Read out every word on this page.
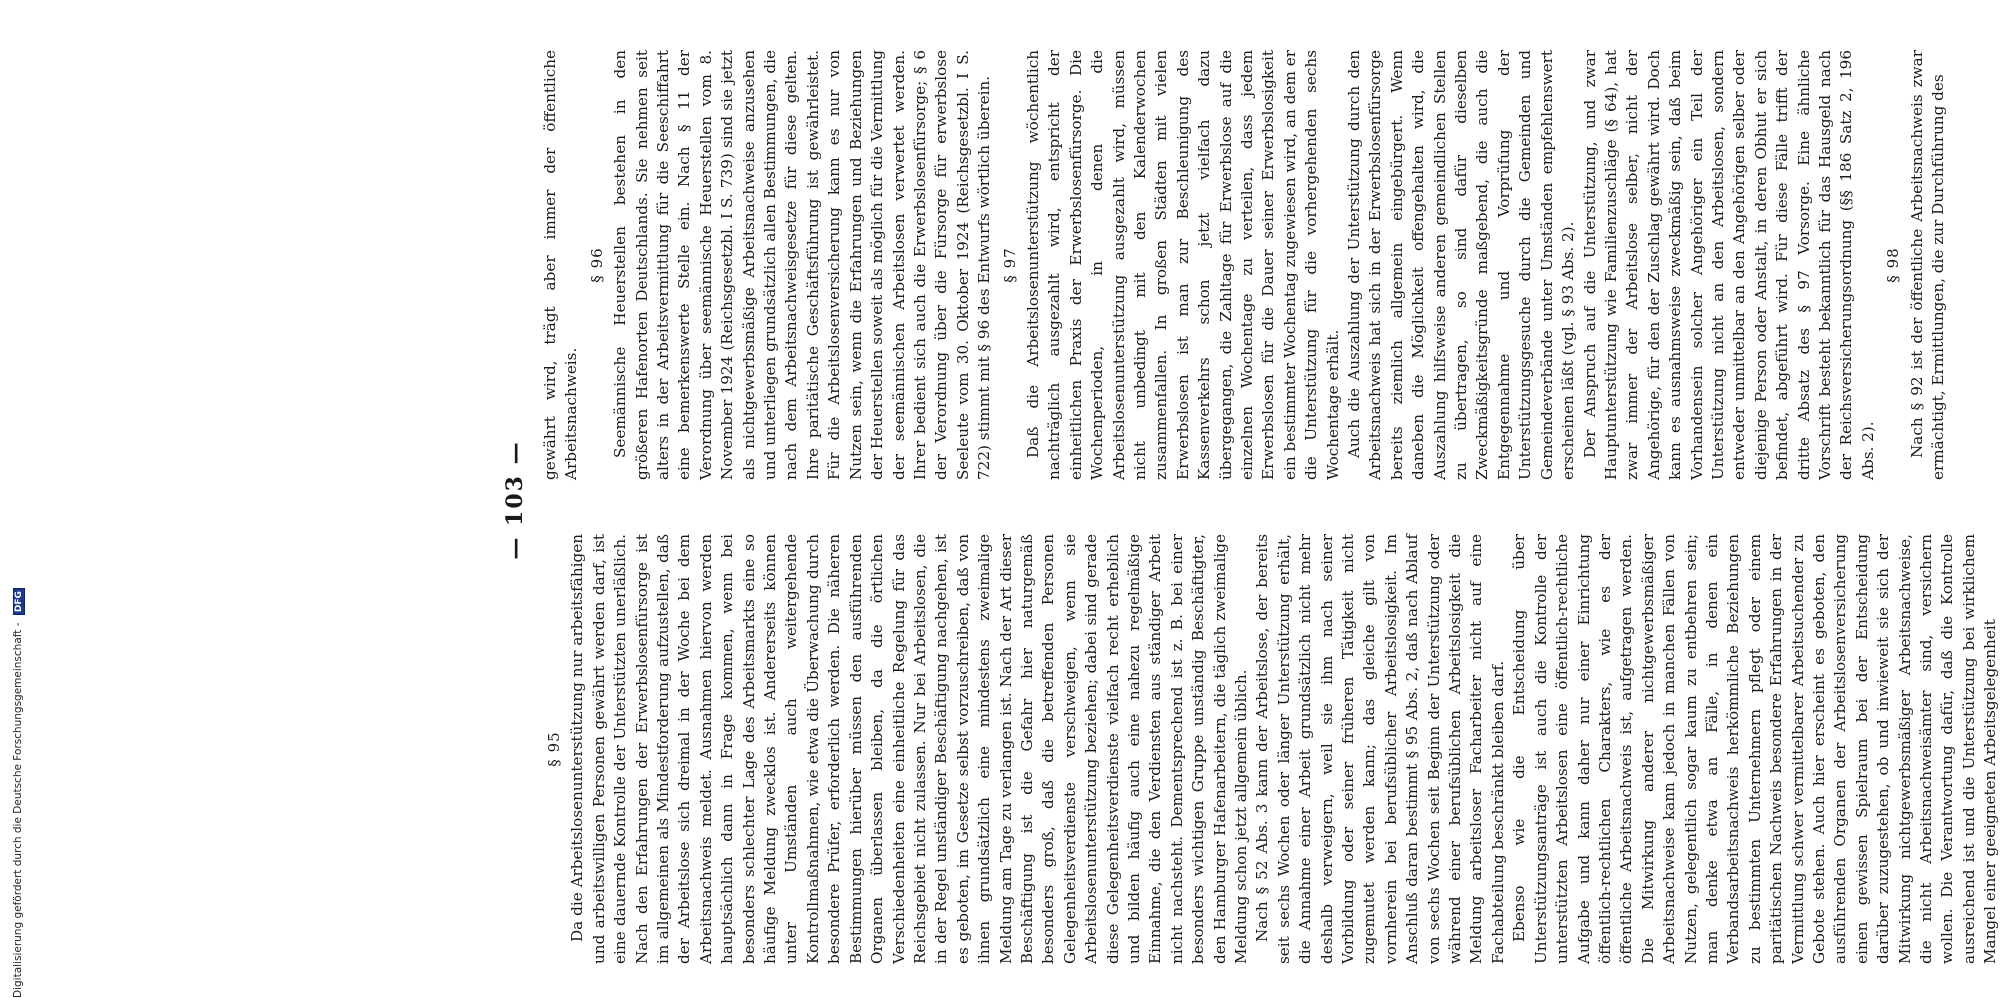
Digitalisierung gefördert durch die Deutsche Forschungsgemeinschaft - DFG
— 103 —
§ 95 Da die Arbeitslosenunterstützung nur arbeitsfähigen und arbeitswilligen Personen gewährt werden darf, ist eine dauernde Kontrolle der Unterstützten unerläßlich. Nach den Erfahrungen der Erwerbslosenfürsorge ist im allgemeinen als Mindestforderung aufzustellen, daß der Arbeitslose sich dreimal in der Woche bei dem Arbeitsnachweis meldet. Ausnahmen hiervon werden hauptsächlich dann in Frage kommen, wenn bei besonders schlechter Lage des Arbeitsmarkts eine so häufige Meldung zwecklos ist. Andererseits können unter Umständen auch weitergehende Kontrollmaßnahmen, wie etwa die Überwachung durch besondere Prüfer, erforderlich werden. Die näheren Bestimmungen hierüber müssen den ausführenden Organen überlassen bleiben, da die örtlichen Verschiedenheiten eine einheitliche Regelung für das Reichsgebiet nicht zulassen. Nur bei Arbeitslosen, die in der Regel unständiger Beschäftigung nachgehen, ist es geboten, im Gesetze selbst vorzuschreiben, daß von ihnen grundsätzlich eine mindestens zweimalige Meldung am Tage zu verlangen ist. Nach der Art dieser Beschäftigung ist die Gefahr hier naturgemäß besonders groß, daß die betreffenden Personen Gelegenheitsverdienste verschweigen, wenn sie Arbeitslosenunterstützung beziehen; dabei sind gerade diese Gelegenheitsverdienste vielfach recht erheblich und bilden häufig auch eine nahezu regelmäßige Einnahme, die den Verdiensten aus ständiger Arbeit nicht nachsteht. Dementsprechend ist z. B. bei einer besonders wichtigen Gruppe unständig Beschäftigter, den Hamburger Hafenarbeitern, die täglich zweimalige Meldung schon jetzt allgemein üblich. Nach § 52 Abs. 3 kann der Arbeitslose, der bereits seit sechs Wochen oder länger Unterstützung erhält, die Annahme einer Arbeit grundsätzlich nicht mehr deshalb verweigern, weil sie ihm nach seiner Vorbildung oder seiner früheren Tätigkeit nicht zugemutet werden kann; das gleiche gilt von vornherein bei berufsüblicher Arbeitslosigkeit. Im Anschluß daran bestimmt § 95 Abs. 2, daß nach Ablauf von sechs Wochen seit Beginn der Unterstützung oder während einer berufsüblichen Arbeitslosigkeit die Meldung arbeitsloser Facharbeiter nicht auf eine Fachabteilung beschränkt bleiben darf. Ebenso wie die Entscheidung über Unterstützungsanträge ist auch die Kontrolle der unterstützten Arbeitslosen eine öffentlich-rechtliche Aufgabe und kann daher nur einer Einrichtung öffentlich-rechtlichen Charakters, wie es der öffentliche Arbeitsnachweis ist, aufgetragen werden. Die Mitwirkung anderer nichtgewerbsmäßiger Arbeitsnachweise kann jedoch in manchen Fällen von Nutzen, gelegentlich sogar kaum zu entbehren sein; man denke etwa an Fälle, in denen ein Verbandsarbeitsnachweis herkömmliche Beziehungen zu bestimmten Unternehmern pflegt oder einem paritätischen Nachweis besondere Erfahrungen in der Vermittlung schwer vermittelbarer Arbeitsuchender zu Gebote stehen. Auch hier erscheint es geboten, den ausführenden Organen der Arbeitslosenversicherung einen gewissen Spielraum bei der Entscheidung darüber zuzugestehen, ob und inwieweit sie sich der Mitwirkung nichtgewerbsmäßiger Arbeitsnachweise, die nicht Arbeitsnachweisämter sind, versichern wollen. Die Verantwortung dafür, daß die Kontrolle ausreichend ist und die Unterstützung bei wirklichem Mangel einer geeigneten Arbeitsgelegenheit

gewährt wird, trägt aber immer der öffentliche Arbeitsnachweis.

§ 96 Seemännische Heuerstellen bestehen in den größeren Hafenorten Deutschlands. Sie nehmen seit alters in der Arbeitsvermittlung für die Seeschiffahrt eine bemerkenswerte Stelle ein. Nach § 11 der Verordnung über seemännische Heuerstellen vom 8. November 1924 (Reichsgesetzbl. I S. 739) sind sie jetzt als nichtgewerbsmäßige Arbeitsnachweise anzusehen und unterliegen grundsätzlich allen Bestimmungen, die nach dem Arbeitsnachweisgesetze für diese gelten. Ihre paritätische Geschäftsführung ist gewährleistet. Für die Arbeitslosenversicherung kann es nur von Nutzen sein, wenn die Erfahrungen und Beziehungen der Heuerstellen soweit als möglich für die Vermittlung der seemännischen Arbeitslosen verwertet werden. Ihrer bedient sich auch die Erwerbslosenfürsorge; § 6 der Verordnung über die Fürsorge für erwerbslose Seeleute vom 30. Oktober 1924 (Reichsgesetzbl. I S. 722) stimmt mit § 96 des Entwurfs wörtlich überein. § 97 Daß die Arbeitslosenunterstützung wöchentlich nachträglich ausgezahlt wird, entspricht der einheitlichen Praxis der Erwerbslosenfürsorge. Die Wochenperioden, in denen die Arbeitslosenunterstützung ausgezahlt wird, müssen nicht unbedingt mit den Kalenderwochen zusammenfallen. In großen Städten mit vielen Erwerbslosen ist man zur Beschleunigung des Kassenverkehrs schon jetzt vielfach dazu übergegangen, die Zahltage für Erwerbslose auf die einzelnen Wochentage zu verteilen, dass jedem Erwerbslosen für die Dauer seiner Erwerbslosigkeit ein bestimmter Wochentag zugewiesen wird, an dem er die Unterstützung für die vorhergehenden sechs Wochentage erhält. Auch die Auszahlung der Unterstützung durch den Arbeitsnachweis hat sich in der Erwerbslosenfürsorge bereits ziemlich allgemein eingebürgert. Wenn daneben die Möglichkeit offengehalten wird, die Auszahlung hilfsweise anderen gemeindlichen Stellen zu übertragen, so sind dafür dieselben Zweckmäßigkeitsgründe maßgebend, die auch die Entgegennahme und Vorprüfung der Unterstützungsgesuche durch die Gemeinden und Gemeindeverbände unter Umständen empfehlenswert erscheinen läßt (vgl. § 93 Abs. 2). Der Anspruch auf die Unterstützung, und zwar Hauptunterstützung wie Familienzuschläge (§ 64), hat zwar immer der Arbeitslose selber, nicht der Angehörige, für den der Zuschlag gewährt wird. Doch kann es ausnahmsweise zweckmäßig sein, daß beim Vorhandensein solcher Angehöriger ein Teil der Unterstützung nicht an den Arbeitslosen, sondern entweder unmittelbar an den Angehörigen selber oder diejenige Person oder Anstalt, in deren Obhut er sich befindet, abgeführt wird. Für diese Fälle trifft der dritte Absatz des § 97 Vorsorge. Eine ähnliche Vorschrift besteht bekanntlich für das Hausgeld nach der Reichsversicherungsordnung (§§ 186 Satz 2, 196 Abs. 2).

§ 98 Nach § 92 ist der öffentliche Arbeitsnachweis zwar ermächtigt, Ermittlungen, die zur Durchführung des
